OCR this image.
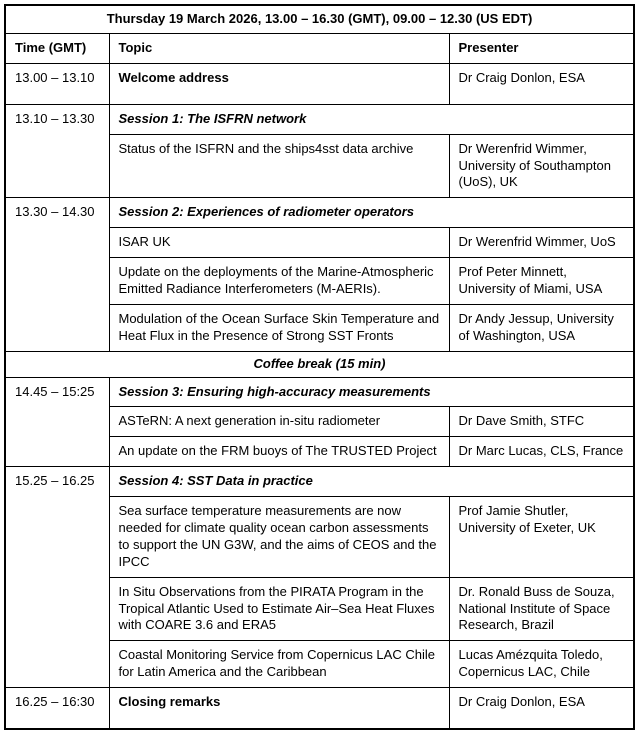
Thursday 19 March 2026, 13.00 – 16.30 (GMT), 09.00 – 12.30 (US EDT)		
Time (GMT)	Topic	Presenter
13.00 – 13.10	Welcome address	Dr Craig Donlon, ESA
13.10 – 13.30	Session 1: The ISFRN network	
	Status of the ISFRN and the ships4sst data archive	Dr Werenfrid Wimmer, University of Southampton (UoS), UK
13.30 – 14.30	Session 2: Experiences of radiometer operators	
	ISAR UK	Dr Werenfrid Wimmer, UoS
	Update on the deployments of the Marine-Atmospheric Emitted Radiance Interferometers (M-AERIs).	Prof Peter Minnett, University of Miami, USA
	Modulation of the Ocean Surface Skin Temperature and Heat Flux in the Presence of Strong SST Fronts	Dr Andy Jessup, University of Washington, USA
Coffee break (15 min)		
14.45 – 15:25	Session 3: Ensuring high-accuracy measurements	
	ASTeRN: A next generation in-situ radiometer	Dr Dave Smith, STFC
	An update on the FRM buoys of The TRUSTED Project	Dr Marc Lucas, CLS, France
15.25 – 16.25	Session 4: SST Data in practice	
	Sea surface temperature measurements are now needed for climate quality ocean carbon assessments to support the UN G3W, and the aims of CEOS and the IPCC	Prof Jamie Shutler, University of Exeter, UK
	In Situ Observations from the PIRATA Program in the Tropical Atlantic Used to Estimate Air–Sea Heat Fluxes with COARE 3.6 and ERA5	Dr. Ronald Buss de Souza, National Institute of Space Research, Brazil
	Coastal Monitoring Service from Copernicus LAC Chile for Latin America and the Caribbean	Lucas Amézquita Toledo, Copernicus LAC, Chile
16.25 – 16:30	Closing remarks	Dr Craig Donlon, ESA
